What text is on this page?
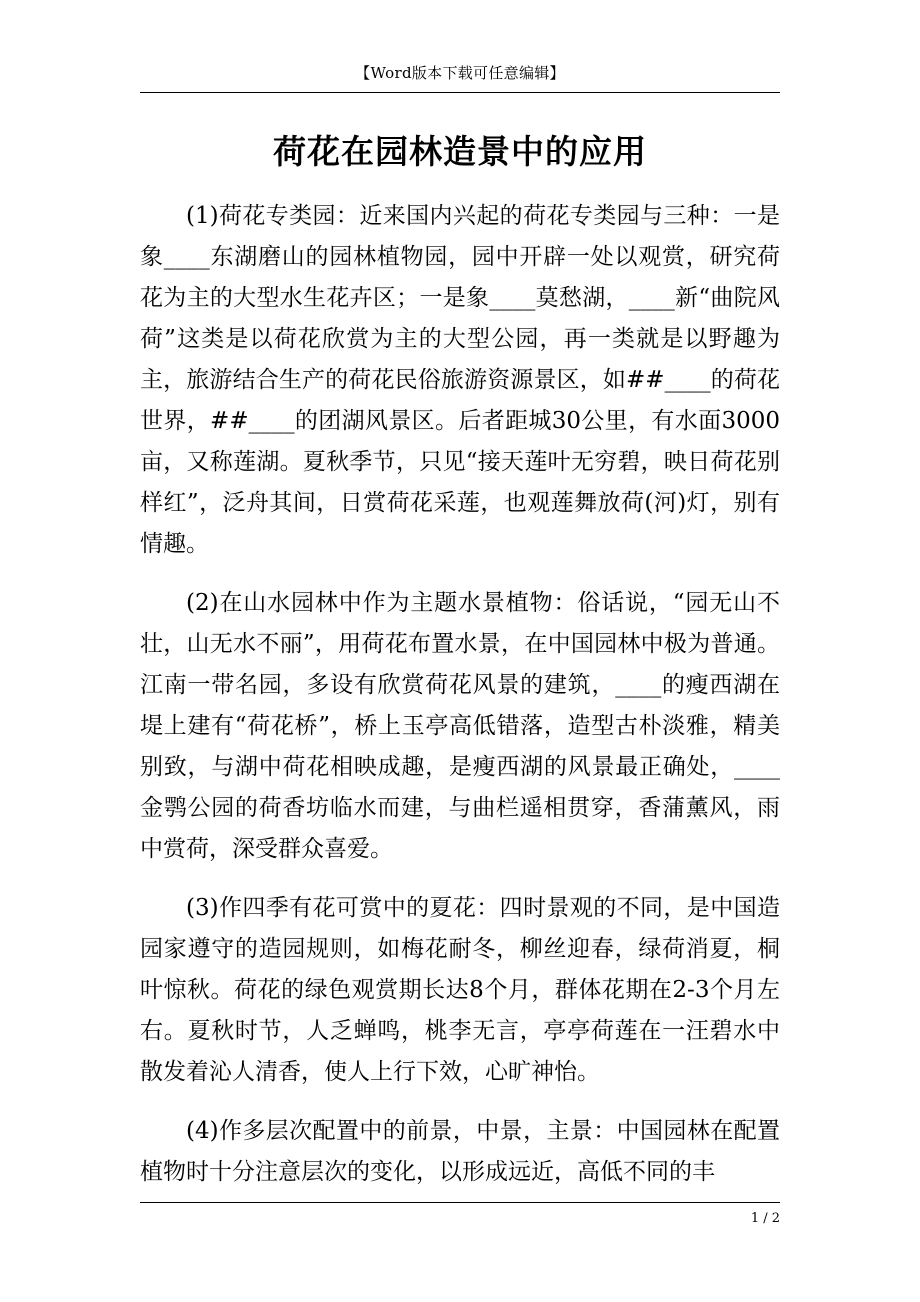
【Word版本下载可任意编辑】
荷花在园林造景中的应用

(1)荷花专类园：近来国内兴起的荷花专类园与三种：一是象____东湖磨山的园林植物园，园中开辟一处以观赏，研究荷花为主的大型水生花卉区；一是象____莫愁湖，____新“曲院风荷”这类是以荷花欣赏为主的大型公园，再一类就是以野趣为主，旅游结合生产的荷花民俗旅游资源景区，如##____的荷花世界，##____的团湖风景区。后者距城30公里，有水面3000亩，又称莲湖。夏秋季节，只见“接天莲叶无穷碧，映日荷花别样红”，泛舟其间，日赏荷花采莲，也观莲舞放荷(河)灯，别有情趣。

(2)在山水园林中作为主题水景植物：俗话说，“园无山不壮，山无水不丽”，用荷花布置水景，在中国园林中极为普通。江南一带名园，多设有欣赏荷花风景的建筑，____的瘦西湖在堤上建有“荷花桥”，桥上玉亭高低错落，造型古朴淡雅，精美别致，与湖中荷花相映成趣，是瘦西湖的风景最正确处，____金鹗公园的荷香坊临水而建，与曲栏遥相贯穿，香蒲薰风，雨中赏荷，深受群众喜爱。

(3)作四季有花可赏中的夏花：四时景观的不同，是中国造园家遵守的造园规则，如梅花耐冬，柳丝迎春，绿荷消夏，桐叶惊秋。荷花的绿色观赏期长达8个月，群体花期在2-3个月左右。夏秋时节，人乏蝉鸣，桃李无言，亭亭荷莲在一汪碧水中散发着沁人清香，使人上行下效，心旷神怡。

(4)作多层次配置中的前景，中景，主景：中国园林在配置植物时十分注意层次的变化，以形成远近，高低不同的丰

1 / 2
